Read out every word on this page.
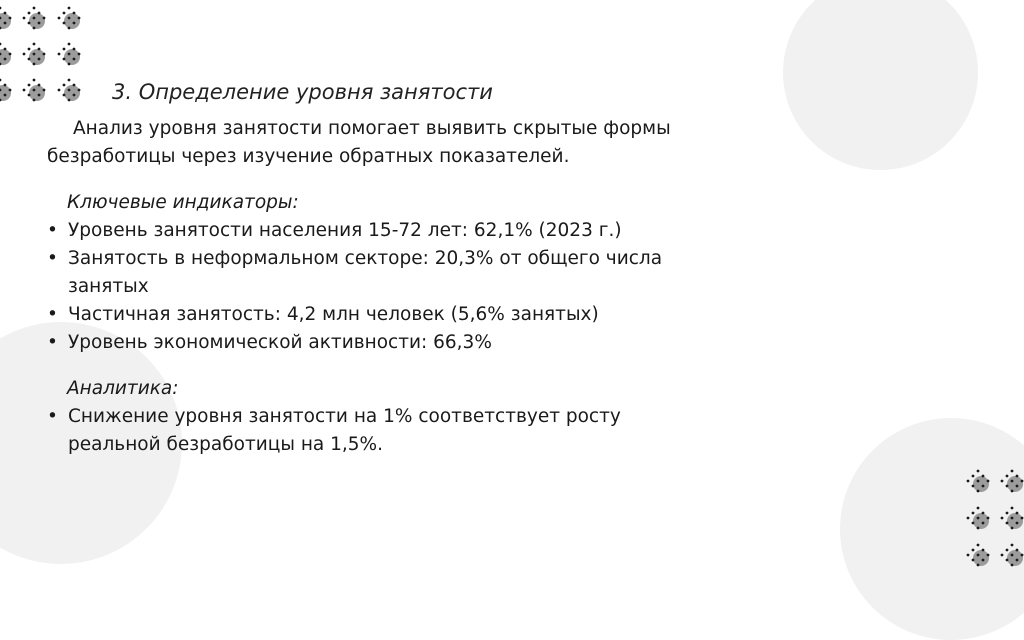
3. Определение уровня занятости

Анализ уровня занятости помогает выявить скрытые формы безработицы через изучение обратных показателей.

Ключевые индикаторы:
• Уровень занятости населения 15-72 лет: 62,1% (2023 г.)
• Занятость в неформальном секторе: 20,3% от общего числа занятых
• Частичная занятость: 4,2 млн человек (5,6% занятых)
• Уровень экономической активности: 66,3%
Аналитика:
• Снижение уровня занятости на 1% соответствует росту реальной безработицы на 1,5%.
